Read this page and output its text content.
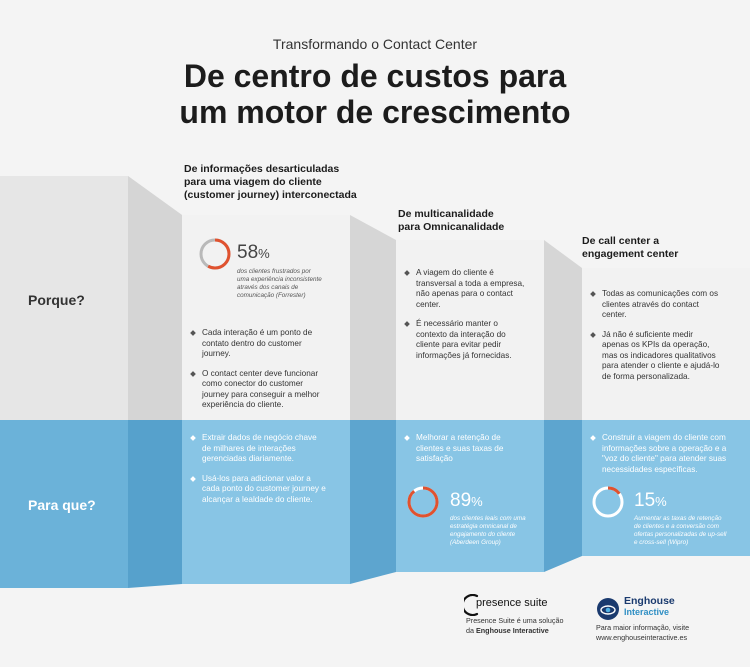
Transformando o Contact Center
De centro de custos para
um motor de crescimento
Porque?
Para que?
De informações desarticuladas
para uma viagem do cliente
(customer journey) interconectada
De multicanalidade
para Omnicanalidade
De call center a
engagement center
58%
dos clientes frustrados por
uma experiência inconsistente
através dos canais de
comunicação (Forrester)
Cada interação é um ponto de contato dentro do customer journey.
O contact center deve funcionar como conector do customer journey para conseguir a melhor experiência do cliente.
Extrair dados de negócio chave de milhares de interações gerenciadas diariamente.
Usá-los para adicionar valor a cada ponto do customer journey e alcançar a lealdade do cliente.
A viagem do cliente é transversal a toda a empresa, não apenas para o contact center.
É necessário manter o contexto da interação do cliente para evitar pedir informações já fornecidas.
Melhorar a retenção de clientes e suas taxas de satisfação
89%
dos clientes leais com uma
estratégia omnicanal de
engajamento do cliente
(Aberdeen Group)
Todas as comunicações com os clientes através do contact center.
Já não é suficiente medir apenas os KPIs da operação, mas os indicadores qualitativos para atender o cliente e ajudá-lo de forma personalizada.
Construir a viagem do cliente com informações sobre a operação e a "voz do cliente" para atender suas necessidades específicas.
15%
Aumentar as taxas de retenção
de clientes e a conversão com
ofertas personalizadas de up-sell
e cross-sell (Wipro)
presence suite
Presence Suite é uma solução
da Enghouse Interactive
Enghouse
Interactive
Para maior informação, visite
www.enghouseinteractive.es
